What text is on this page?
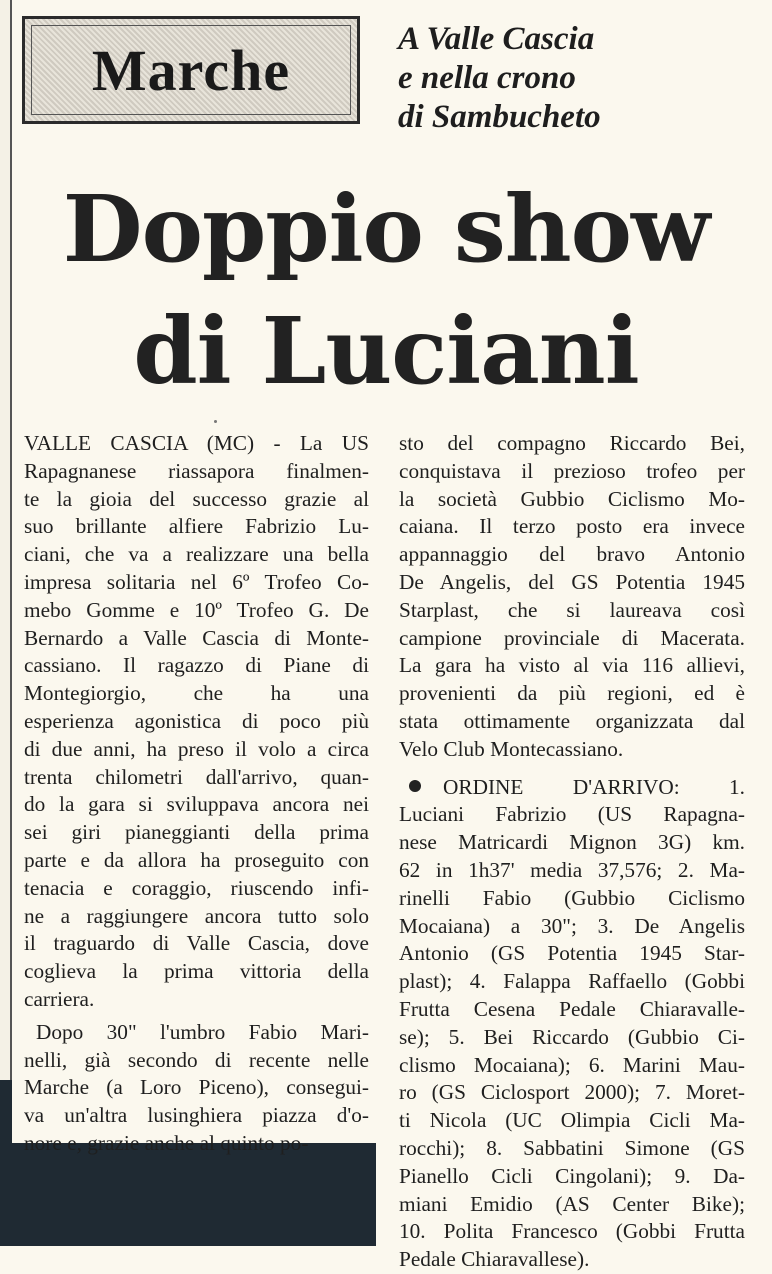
Marche	A Valle Cascia
e nella crono
di Sambucheto
Doppio show
di Luciani

VALLE CASCIA (MC) - La US
Rapagnanese riassapora finalmen-
te la gioia del successo grazie al
suo brillante alfiere Fabrizio Lu-
ciani, che va a realizzare una bella
impresa solitaria nel 6º Trofeo Co-
mebo Gomme e 10º Trofeo G. De
Bernardo a Valle Cascia di Monte-
cassiano. Il ragazzo di Piane di
Montegiorgio, che ha una
esperienza agonistica di poco più
di due anni, ha preso il volo a circa
trenta chilometri dall'arrivo, quan-
do la gara si sviluppava ancora nei
sei giri pianeggianti della prima
parte e da allora ha proseguito con
tenacia e coraggio, riuscendo infi-
ne a raggiungere ancora tutto solo
il traguardo di Valle Cascia, dove
coglieva la prima vittoria della
carriera.

Dopo 30" l'umbro Fabio Mari-
nelli, già secondo di recente nelle
Marche (a Loro Piceno), consegui-
va un'altra lusinghiera piazza d'o-
nore e, grazie anche al quinto po-

sto del compagno Riccardo Bei,
conquistava il prezioso trofeo per
la società Gubbio Ciclismo Mo-
caiana. Il terzo posto era invece
appannaggio del bravo Antonio
De Angelis, del GS Potentia 1945
Starplast, che si laureava così
campione provinciale di Macerata.
La gara ha visto al via 116 allievi,
provenienti da più regioni, ed è
stata ottimamente organizzata dal
Velo Club Montecassiano.

ORDINE D'ARRIVO: 1.
Luciani Fabrizio (US Rapagna-
nese Matricardi Mignon 3G) km.
62 in 1h37' media 37,576; 2. Ma-
rinelli Fabio (Gubbio Ciclismo
Mocaiana) a 30"; 3. De Angelis
Antonio (GS Potentia 1945 Star-
plast); 4. Falappa Raffaello (Gobbi
Frutta Cesena Pedale Chiaravalle-
se); 5. Bei Riccardo (Gubbio Ci-
clismo Mocaiana); 6. Marini Mau-
ro (GS Ciclosport 2000); 7. Moret-
ti Nicola (UC Olimpia Cicli Ma-
rocchi); 8. Sabbatini Simone (GS
Pianello Cicli Cingolani); 9. Da-
miani Emidio (AS Center Bike);
10. Polita Francesco (Gobbi Frutta
Pedale Chiaravallese).
